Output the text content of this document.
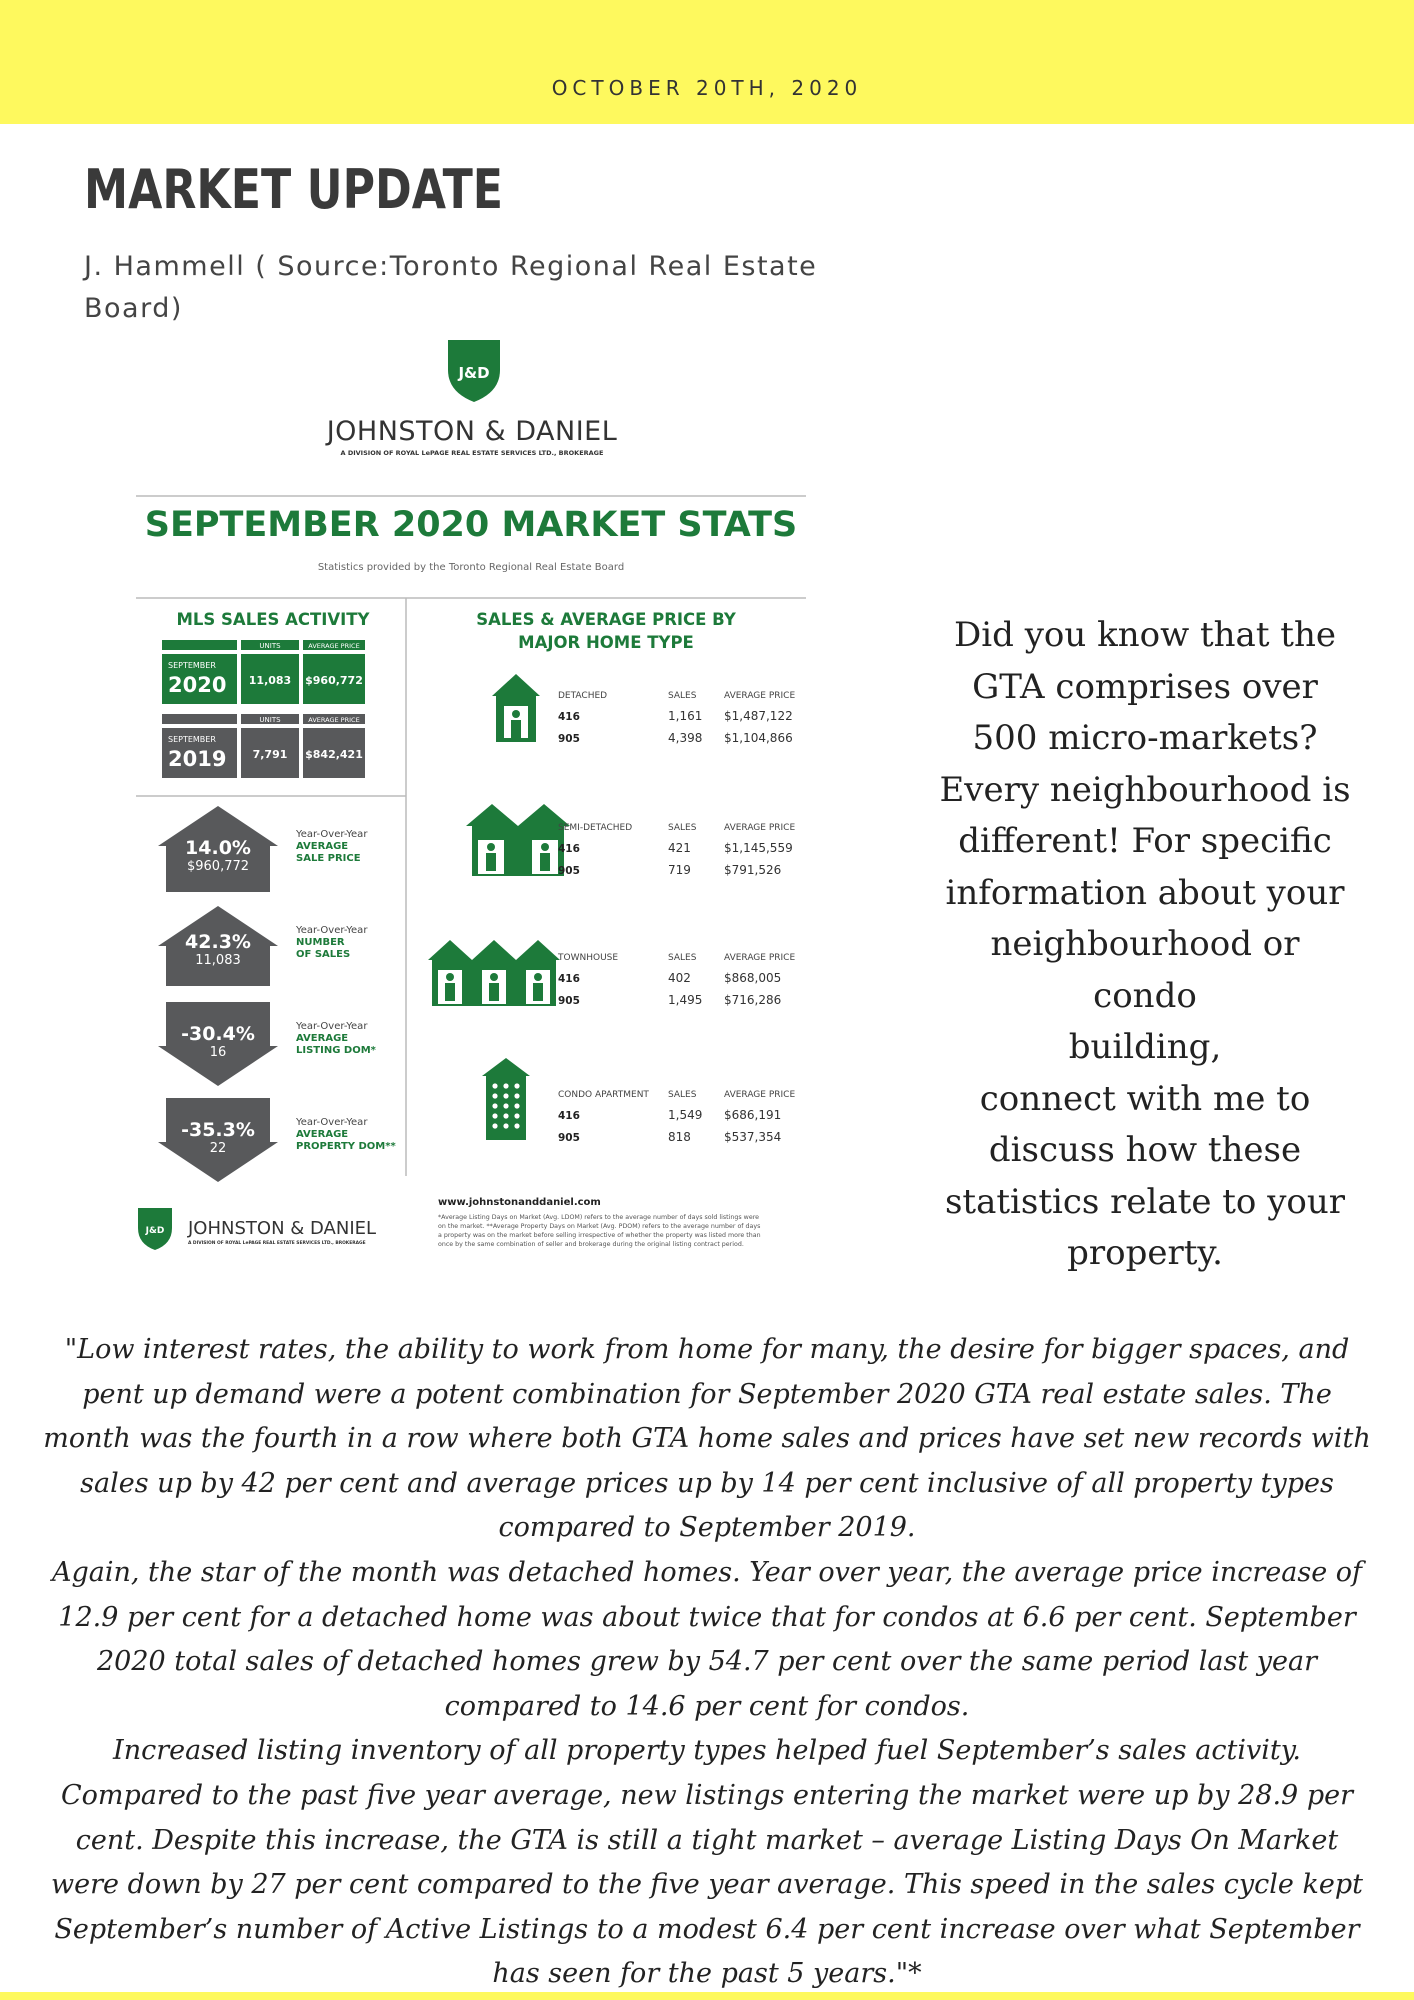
OCTOBER 20TH, 2020
MARKET UPDATE
J. Hammell ( Source:Toronto Regional Real Estate Board)
J&D
JOHNSTON & DANIEL
A DIVISION OF ROYAL LePAGE REAL ESTATE SERVICES LTD., BROKERAGE
SEPTEMBER 2020 MARKET STATS
Statistics provided by the Toronto Regional Real Estate Board
MLS SALES ACTIVITY
UNITS	AVERAGE PRICE
SEPTEMBER
2020 11,083 $960,772
UNITS	AVERAGE PRICE
SEPTEMBER
2019 7,791 $842,421
14.0%
$960,772
Year-Over-Year
AVERAGE
SALE PRICE
42.3%
11,083
Year-Over-Year
NUMBER
OF SALES
-30.4%
16
Year-Over-Year
AVERAGE
LISTING DOM*
-35.3%
22
Year-Over-Year
AVERAGE
PROPERTY DOM**
SALES & AVERAGE PRICE BY
MAJOR HOME TYPE
DETACHED	SALES	AVERAGE PRICE
416	1,161 $1,487,122
905	4,398 $1,104,866
SEMI-DETACHED	SALES	AVERAGE PRICE
416	421	$1,145,559
905	719	$791,526
TOWNHOUSE	SALES	AVERAGE PRICE
416	402	$868,005
905	1,495 $716,286
CONDO APARTMENT SALES	AVERAGE PRICE
416	1,549 $686,191
905	818	$537,354
J&D JOHNSTON & DANIEL
A DIVISION OF ROYAL LePAGE REAL ESTATE SERVICES LTD., BROKERAGE
www.johnstonanddaniel.com
*Average Listing Days on Market (Avg. LDOM) refers to the average number of days sold listings were
on the market. **Average Property Days on Market (Avg. PDOM) refers to the average number of days
a property was on the market before selling irrespective of whether the property was listed more than
once by the same combination of seller and brokerage during the original listing contract period.
Did you know that the
GTA comprises over
500 micro-markets?
Every neighbourhood is
different! For specific
information about your
neighbourhood or condo
building,
connect with me to
discuss how these
statistics relate to your
property.

"Low interest rates, the ability to work from home for many, the desire for bigger spaces, and pent up demand were a potent combination for September 2020 GTA real estate sales. The month was the fourth in a row where both GTA home sales and prices have set new records with sales up by 42 per cent and average prices up by 14 per cent inclusive of all property types compared to September 2019.

Again, the star of the month was detached homes. Year over year, the average price increase of 12.9 per cent for a detached home was about twice that for condos at 6.6 per cent. September 2020 total sales of detached homes grew by 54.7 per cent over the same period last year compared to 14.6 per cent for condos.

Increased listing inventory of all property types helped fuel September’s sales activity. Compared to the past five year average, new listings entering the market were up by 28.9 per cent. Despite this increase, the GTA is still a tight market – average Listing Days On Market were down by 27 per cent compared to the five year average. This speed in the sales cycle kept September’s number of Active Listings to a modest 6.4 per cent increase over what September has seen for the past 5 years."*
